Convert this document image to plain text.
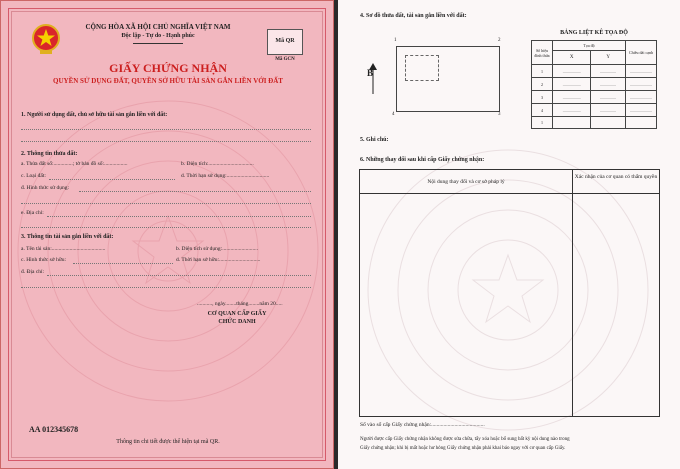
CỘNG HÒA XÃ HỘI CHỦ NGHĨA VIỆT NAM
Độc lập - Tự do - Hạnh phúc
Mã QR
Mã GCN
GIẤY CHỨNG NHẬN
QUYỀN SỬ DỤNG ĐẤT, QUYỀN SỞ HỮU TÀI SẢN GẮN LIỀN VỚI ĐẤT
1. Người sử dụng đất, chủ sở hữu tài sản gắn liền với đất:
2. Thông tin thửa đất:
a. Thửa đất số:..............; tờ bản đồ số:.................	b. Diện tích:.................................
c. Loại đất:	d. Thời hạn sử dụng:...............................
đ. Hình thức sử dụng:
e. Địa chỉ:
3. Thông tin tài sản gắn liền với đất:
a. Tên tài sản:.......................................	b. Diện tích sử dụng:..........................
c. Hình thức sở hữu:	d. Thời hạn sở hữu:..............................
đ. Địa chỉ:
..........., ngày........tháng........năm 20.....
CƠ QUAN CẤP GIẤY
CHỨC DANH
AA 012345678
Thông tin chi tiết được thể hiện tại mã QR.
4. Sơ đồ thửa đất, tài sản gắn liền với đất:
1	2
3
4
B
BẢNG LIỆT KÊ TỌA ĐỘ
Số hiệu đỉnh thửa	Tọa độ		Chiều dài cạnh
	X	Y	
1	..................	................	......................
2	..................	................	......................
3	..................	................	......................
4	..................	................	......................
1			
5. Ghi chú:
6. Những thay đổi sau khi cấp Giấy chứng nhận:
Nội dung thay đổi và cơ sở pháp lý
Xác nhận của cơ quan có thẩm quyền
Số vào sổ cấp Giấy chứng nhận:.......................................
Người được cấp Giấy chứng nhận không được sửa chữa, tẩy xóa hoặc bổ sung bất kỳ nội dung nào trong
Giấy chứng nhận; khi bị mất hoặc hư hỏng Giấy chứng nhận phải khai báo ngay với cơ quan cấp Giấy.
